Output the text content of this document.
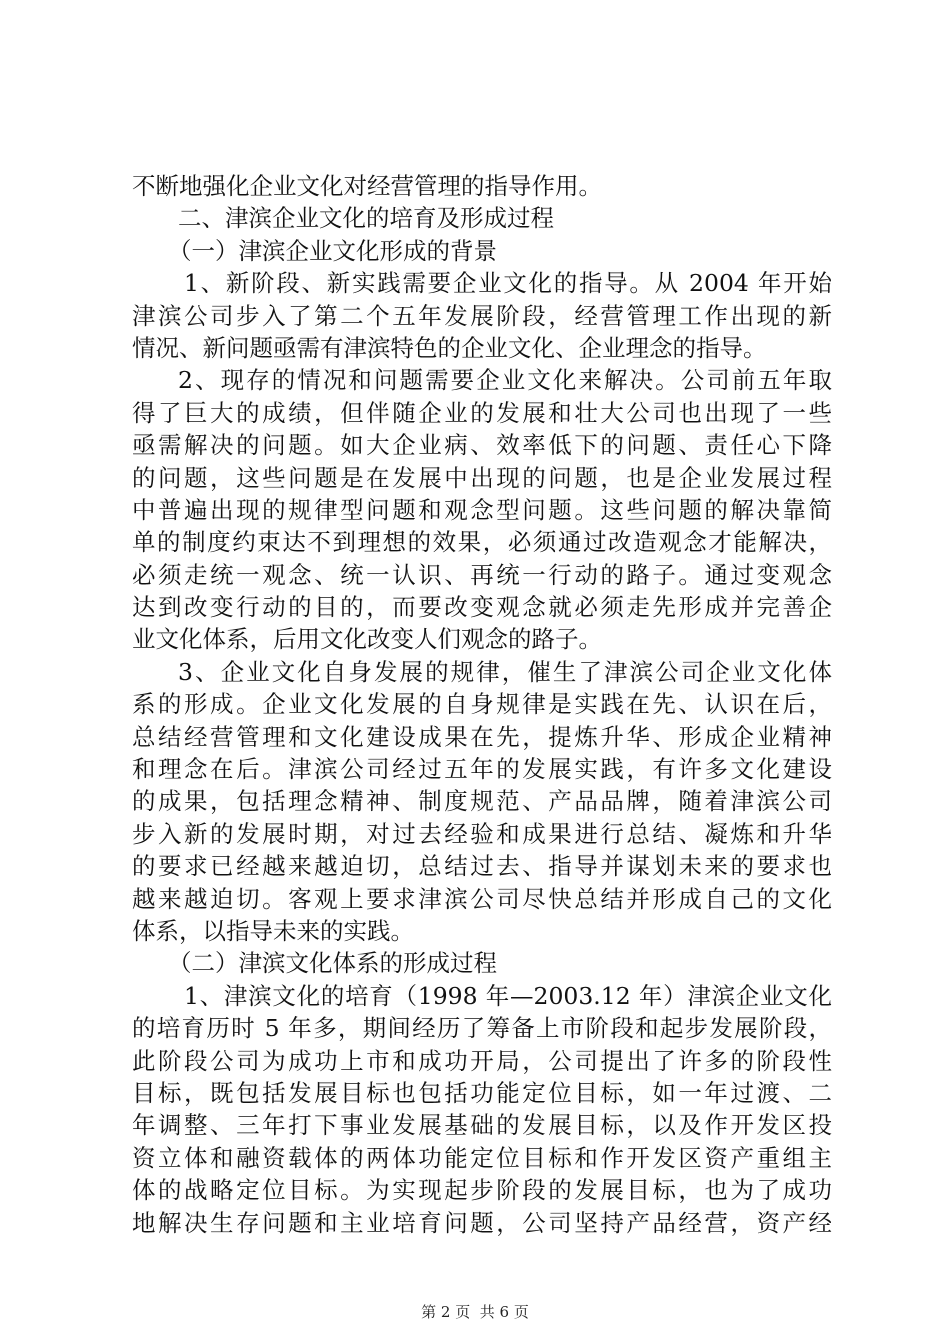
不断地强化企业文化对经营管理的指导作用。
二、津滨企业文化的培育及形成过程
（一）津滨企业文化形成的背景
1、新阶段、新实践需要企业文化的指导。从 2004 年开始
津滨公司步入了第二个五年发展阶段，经营管理工作出现的新
情况、新问题亟需有津滨特色的企业文化、企业理念的指导。
2、现存的情况和问题需要企业文化来解决。公司前五年取
得了巨大的成绩，但伴随企业的发展和壮大公司也出现了一些
亟需解决的问题。如大企业病、效率低下的问题、责任心下降
的问题，这些问题是在发展中出现的问题，也是企业发展过程
中普遍出现的规律型问题和观念型问题。这些问题的解决靠简
单的制度约束达不到理想的效果，必须通过改造观念才能解决，
必须走统一观念、统一认识、再统一行动的路子。通过变观念
达到改变行动的目的，而要改变观念就必须走先形成并完善企
业文化体系，后用文化改变人们观念的路子。
3、企业文化自身发展的规律，催生了津滨公司企业文化体
系的形成。企业文化发展的自身规律是实践在先、认识在后，
总结经营管理和文化建设成果在先，提炼升华、形成企业精神
和理念在后。津滨公司经过五年的发展实践，有许多文化建设
的成果，包括理念精神、制度规范、产品品牌，随着津滨公司
步入新的发展时期，对过去经验和成果进行总结、凝炼和升华
的要求已经越来越迫切，总结过去、指导并谋划未来的要求也
越来越迫切。客观上要求津滨公司尽快总结并形成自己的文化
体系，以指导未来的实践。
（二）津滨文化体系的形成过程
1、津滨文化的培育（1998 年—2003.12 年）津滨企业文化
的培育历时 5 年多，期间经历了筹备上市阶段和起步发展阶段，
此阶段公司为成功上市和成功开局，公司提出了许多的阶段性
目标，既包括发展目标也包括功能定位目标，如一年过渡、二
年调整、三年打下事业发展基础的发展目标，以及作开发区投
资立体和融资载体的两体功能定位目标和作开发区资产重组主
体的战略定位目标。为实现起步阶段的发展目标，也为了成功
地解决生存问题和主业培育问题，公司坚持产品经营，资产经
第 2 页  共 6 页
